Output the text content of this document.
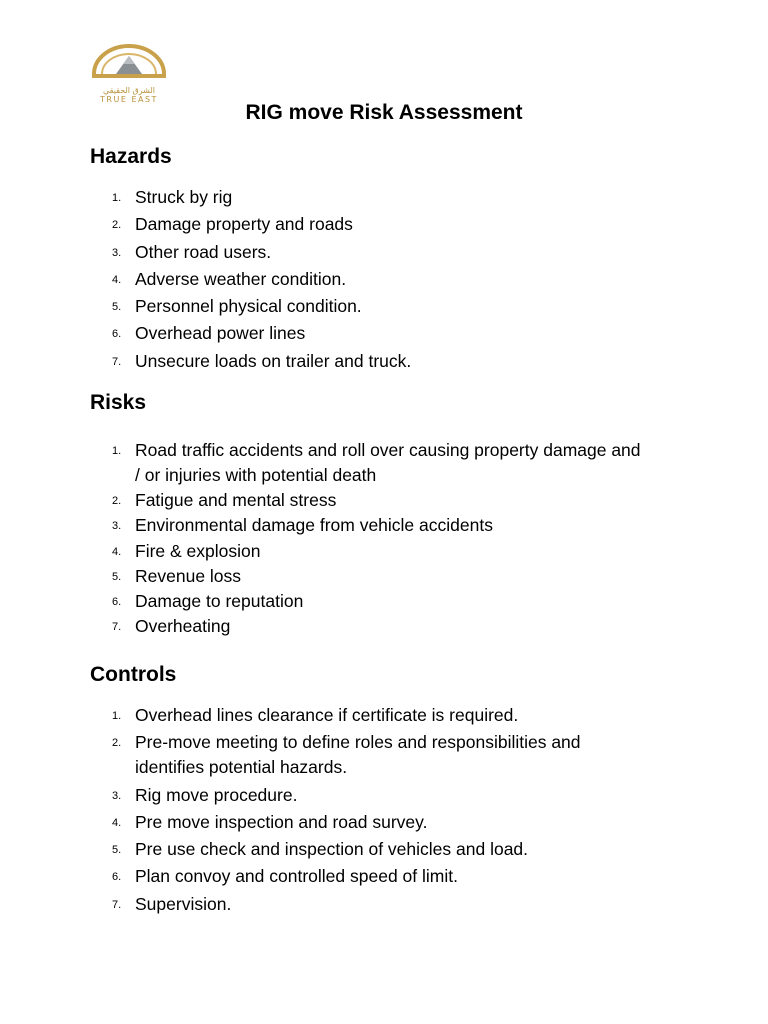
الشرق الحقيقي
TRUE EAST
RIG move Risk Assessment
Hazards
1. Struck by rig
2. Damage property and roads
3. Other road users.
4. Adverse weather condition.
5. Personnel physical condition.
6. Overhead power lines
7. Unsecure loads on trailer and truck.
Risks
1. Road traffic accidents and roll over causing property damage and / or injuries with potential death
2. Fatigue and mental stress
3. Environmental damage from vehicle accidents
4. Fire & explosion
5. Revenue loss
6. Damage to reputation
7. Overheating
Controls
1. Overhead lines clearance if certificate is required.
2. Pre-move meeting to define roles and responsibilities and identifies potential hazards.
3. Rig move procedure.
4. Pre move inspection and road survey.
5. Pre use check and inspection of vehicles and load.
6. Plan convoy and controlled speed of limit.
7. Supervision.
